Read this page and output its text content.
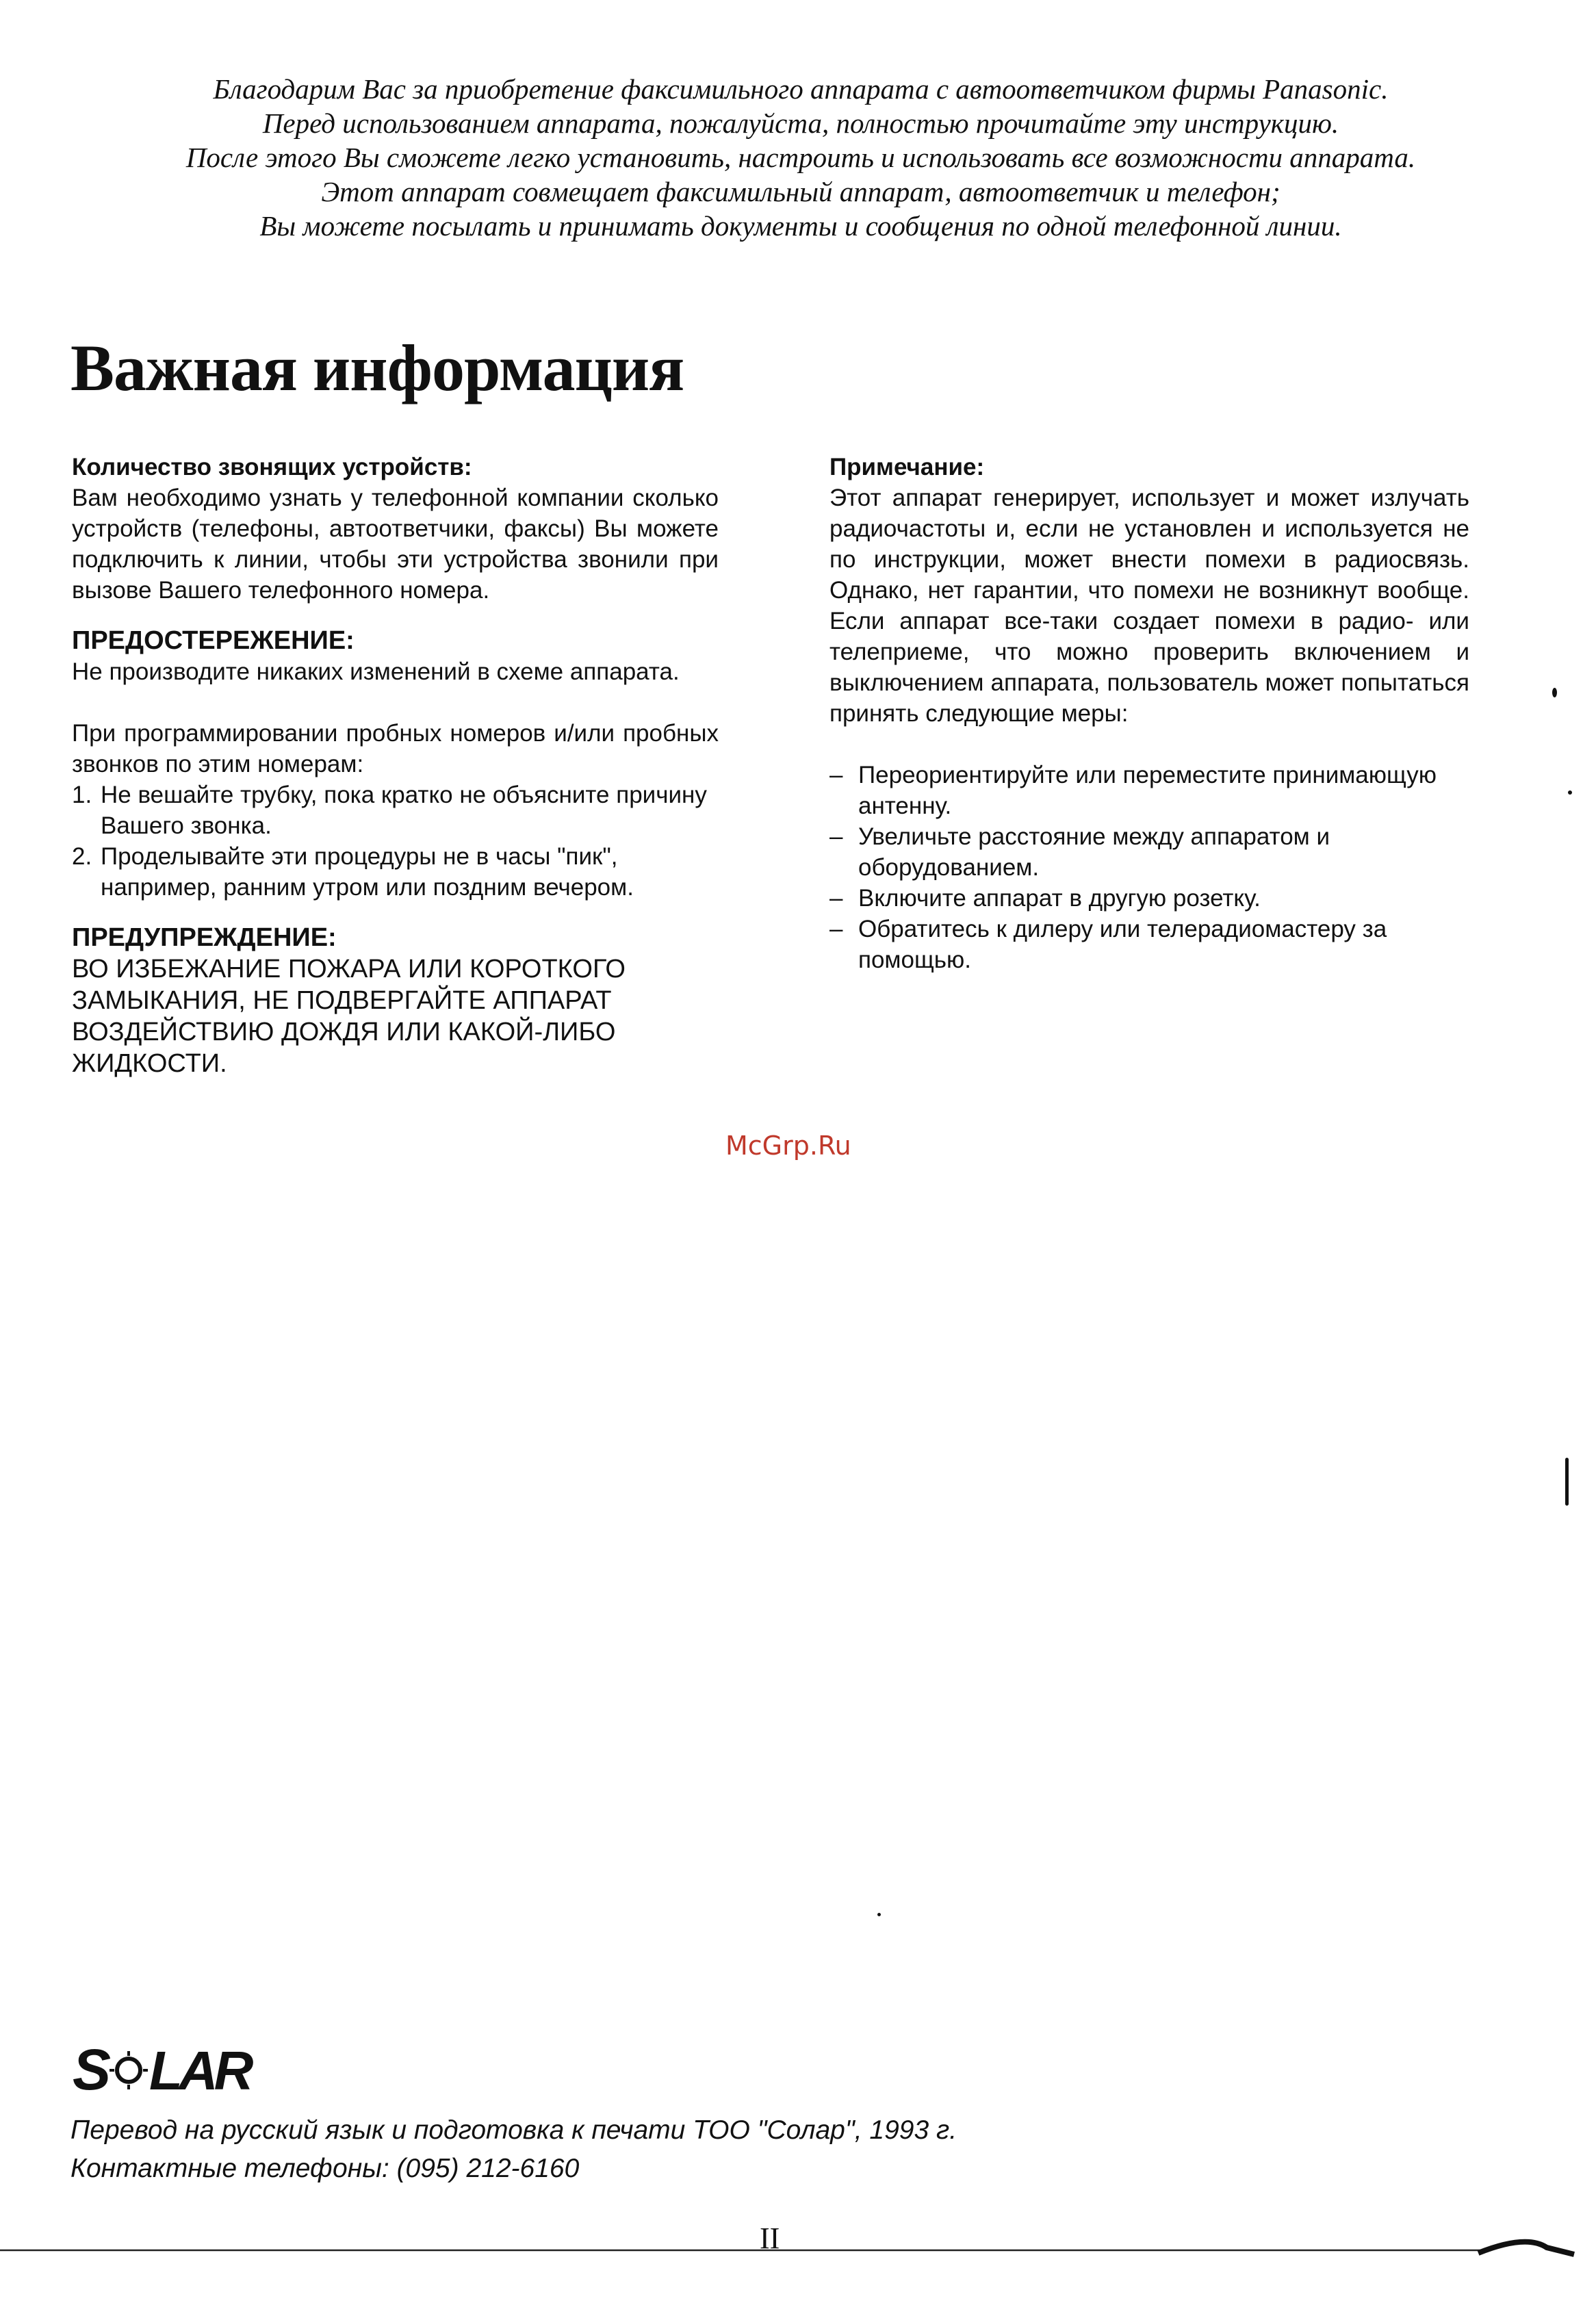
Благодарим Вас за приобретение факсимильного аппарата с автоответчиком фирмы Panasonic.
Перед использованием аппарата, пожалуйста, полностью прочитайте эту инструкцию.
После этого Вы сможете легко установить, настроить и использовать все возможности аппарата.
Этот аппарат совмещает факсимильный аппарат, автоответчик и телефон;
Вы можете посылать и принимать документы и сообщения по одной телефонной линии.
Важная информация

Количество звонящих устройств:

Вам необходимо узнать у телефонной компании сколько устройств (телефоны, автоответчики, факсы) Вы можете подключить к линии, чтобы эти устройства звонили при вызове Вашего телефонного номера.

ПРЕДОСТЕРЕЖЕНИЕ:

Не производите никаких изменений в схеме аппарата.

При программировании пробных номеров и/или пробных звонков по этим номерам:

1. Не вешайте трубку, пока кратко не объясните причину Вашего звонка.
2. Проделывайте эти процедуры не в часы "пик", например, ранним утром или поздним вечером.

ПРЕДУПРЕЖДЕНИЕ:

ВО ИЗБЕЖАНИЕ ПОЖАРА ИЛИ КОРОТКОГО ЗАМЫКАНИЯ, НЕ ПОДВЕРГАЙТЕ АППАРАТ ВОЗДЕЙСТВИЮ ДОЖДЯ ИЛИ КАКОЙ-ЛИБО ЖИДКОСТИ.

Примечание:

Этот аппарат генерирует, использует и может излучать радиочастоты и, если не установлен и используется не по инструкции, может внести помехи в радиосвязь. Однако, нет гарантии, что помехи не возникнут вообще. Если аппарат все-таки создает помехи в радио- или телеприеме, что можно проверить включением и выключением аппарата, пользователь может попытаться принять следующие меры:

– Переориентируйте или переместите принимающую антенну.
– Увеличьте расстояние между аппаратом и оборудованием.
– Включите аппарат в другую розетку.
– Обратитесь к дилеру или телерадиомастеру за помощью.
McGrp.Ru
S LAR
Перевод на русский язык и подготовка к печати ТОО "Солар", 1993 г.
Контактные телефоны: (095) 212-6160
II
